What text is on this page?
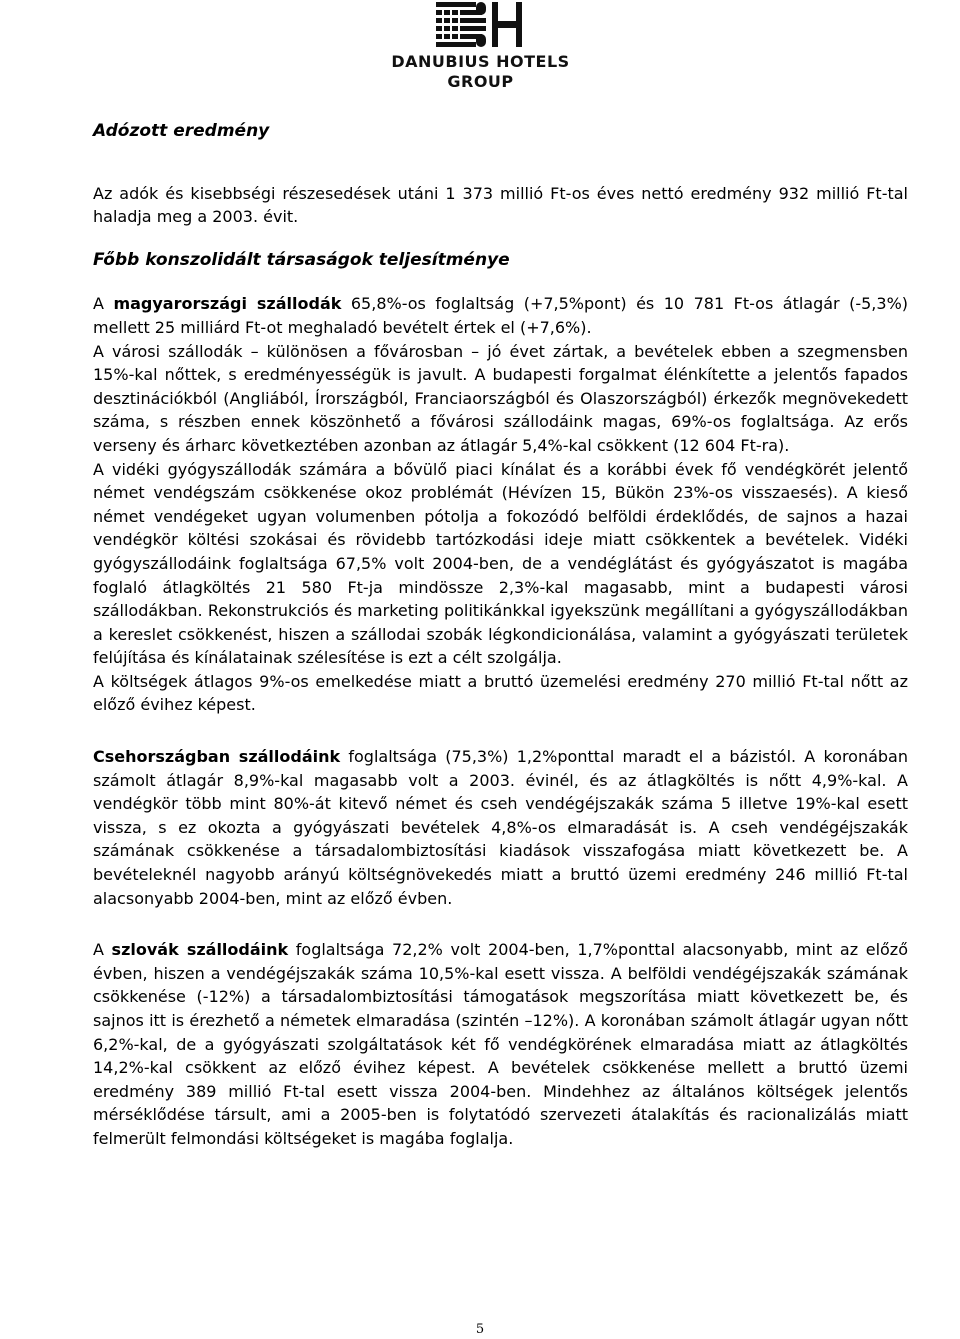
DANUBIUS HOTELS
GROUP

Adózott eredmény

Az adók és kisebbségi részesedések utáni 1 373 millió Ft-os éves nettó eredmény 932 millió Ft-tal haladja meg a 2003. évit.

Főbb konszolidált társaságok teljesítménye

A magyarországi szállodák 65,8%-os foglaltság (+7,5%pont) és 10 781 Ft-os átlagár (-5,3%) mellett 25 milliárd Ft-ot meghaladó bevételt értek el (+7,6%).

A városi szállodák – különösen a fővárosban – jó évet zártak, a bevételek ebben a szegmensben 15%-kal nőttek, s eredményességük is javult. A budapesti forgalmat élénkítette a jelentős fapados desztinációkból (Angliából, Írországból, Franciaországból és Olaszországból) érkezők megnövekedett száma, s részben ennek köszönhető a fővárosi szállodáink magas, 69%-os foglaltsága. Az erős verseny és árharc következtében azonban az átlagár 5,4%-kal csökkent (12 604 Ft-ra).

A vidéki gyógyszállodák számára a bővülő piaci kínálat és a korábbi évek fő vendégkörét jelentő német vendégszám csökkenése okoz problémát (Hévízen 15, Bükön 23%-os visszaesés). A kieső német vendégeket ugyan volumenben pótolja a fokozódó belföldi érdeklődés, de sajnos a hazai vendégkör költési szokásai és rövidebb tartózkodási ideje miatt csökkentek a bevételek. Vidéki gyógyszállodáink foglaltsága 67,5% volt 2004-ben, de a vendéglátást és gyógyászatot is magába foglaló átlagköltés 21 580 Ft-ja mindössze 2,3%-kal magasabb, mint a budapesti városi szállodákban. Rekonstrukciós és marketing politikánkkal igyekszünk megállítani a gyógyszállodákban a kereslet csökkenést, hiszen a szállodai szobák légkondicionálása, valamint a gyógyászati területek felújítása és kínálatainak szélesítése is ezt a célt szolgálja.

A költségek átlagos 9%-os emelkedése miatt a bruttó üzemelési eredmény 270 millió Ft-tal nőtt az előző évihez képest.

Csehországban szállodáink foglaltsága (75,3%) 1,2%ponttal maradt el a bázistól. A koronában számolt átlagár 8,9%-kal magasabb volt a 2003. évinél, és az átlagköltés is nőtt 4,9%-kal. A vendégkör több mint 80%-át kitevő német és cseh vendégéjszakák száma 5 illetve 19%-kal esett vissza, s ez okozta a gyógyászati bevételek 4,8%-os elmaradását is. A cseh vendégéjszakák számának csökkenése a társadalombiztosítási kiadások visszafogása miatt következett be. A bevételeknél nagyobb arányú költségnövekedés miatt a bruttó üzemi eredmény 246 millió Ft-tal alacsonyabb 2004-ben, mint az előző évben.

A szlovák szállodáink foglaltsága 72,2% volt 2004-ben, 1,7%ponttal alacsonyabb, mint az előző évben, hiszen a vendégéjszakák száma 10,5%-kal esett vissza. A belföldi vendégéjszakák számának csökkenése (-12%) a társadalombiztosítási támogatások megszorítása miatt következett be, és sajnos itt is érezhető a németek elmaradása (szintén –12%). A koronában számolt átlagár ugyan nőtt 6,2%-kal, de a gyógyászati szolgáltatások két fő vendégkörének elmaradása miatt az átlagköltés 14,2%-kal csökkent az előző évihez képest. A bevételek csökkenése mellett a bruttó üzemi eredmény 389 millió Ft-tal esett vissza 2004-ben. Mindehhez az általános költségek jelentős mérséklődése társult, ami a 2005-ben is folytatódó szervezeti átalakítás és racionalizálás miatt felmerült felmondási költségeket is magába foglalja.

5
